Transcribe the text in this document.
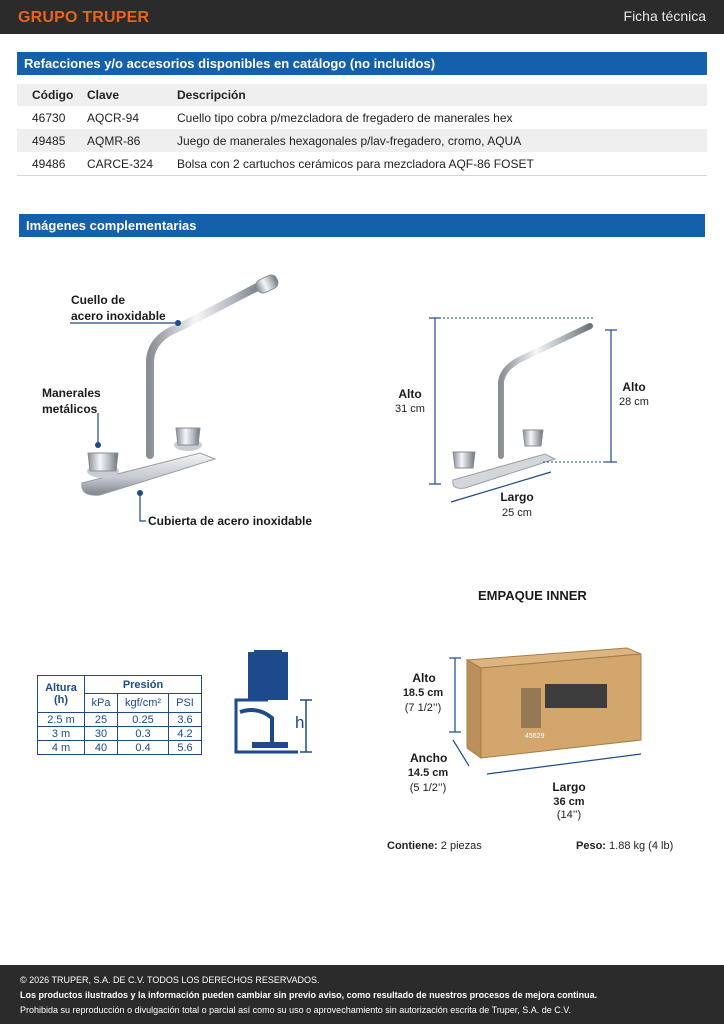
GRUPO TRUPER	Ficha técnica
Refacciones y/o accesorios disponibles en catálogo (no incluidos)
Código	Clave	Descripción
46730	AQCR-94	Cuello tipo cobra p/mezcladora de fregadero de manerales hex
49485	AQMR-86	Juego de manerales hexagonales p/lav-fregadero, cromo, AQUA
49486	CARCE-324	Bolsa con 2 cartuchos cerámicos para mezcladora AQF-86 FOSET
Imágenes complementarias
Cuello de
acero inoxidable
Manerales
metálicos
Cubierta de acero inoxidable
Alto
31 cm
Alto
28 cm
Largo
25 cm
Altura
(h)	Presión		
	kPa	kgf/cm²	PSI
2.5 m	25	0.25	3.6
3 m	30	0.3	4.2
4 m	40	0.4	5.6
h
EMPAQUE INNER
45629
Alto
18.5 cm
(7 1/2’’)
Ancho
14.5 cm
(5 1/2’’)	Largo
36 cm
(14’’)
Contiene: 2 piezas	Peso: 1.88 kg (4 lb)
© 2026 TRUPER, S.A. DE C.V. TODOS LOS DERECHOS RESERVADOS.
Los productos ilustrados y la información pueden cambiar sin previo aviso, como resultado de nuestros procesos de mejora continua.
Prohibida su reproducción o divulgación total o parcial así como su uso o aprovechamiento sin autorización escrita de Truper, S.A. de C.V.
